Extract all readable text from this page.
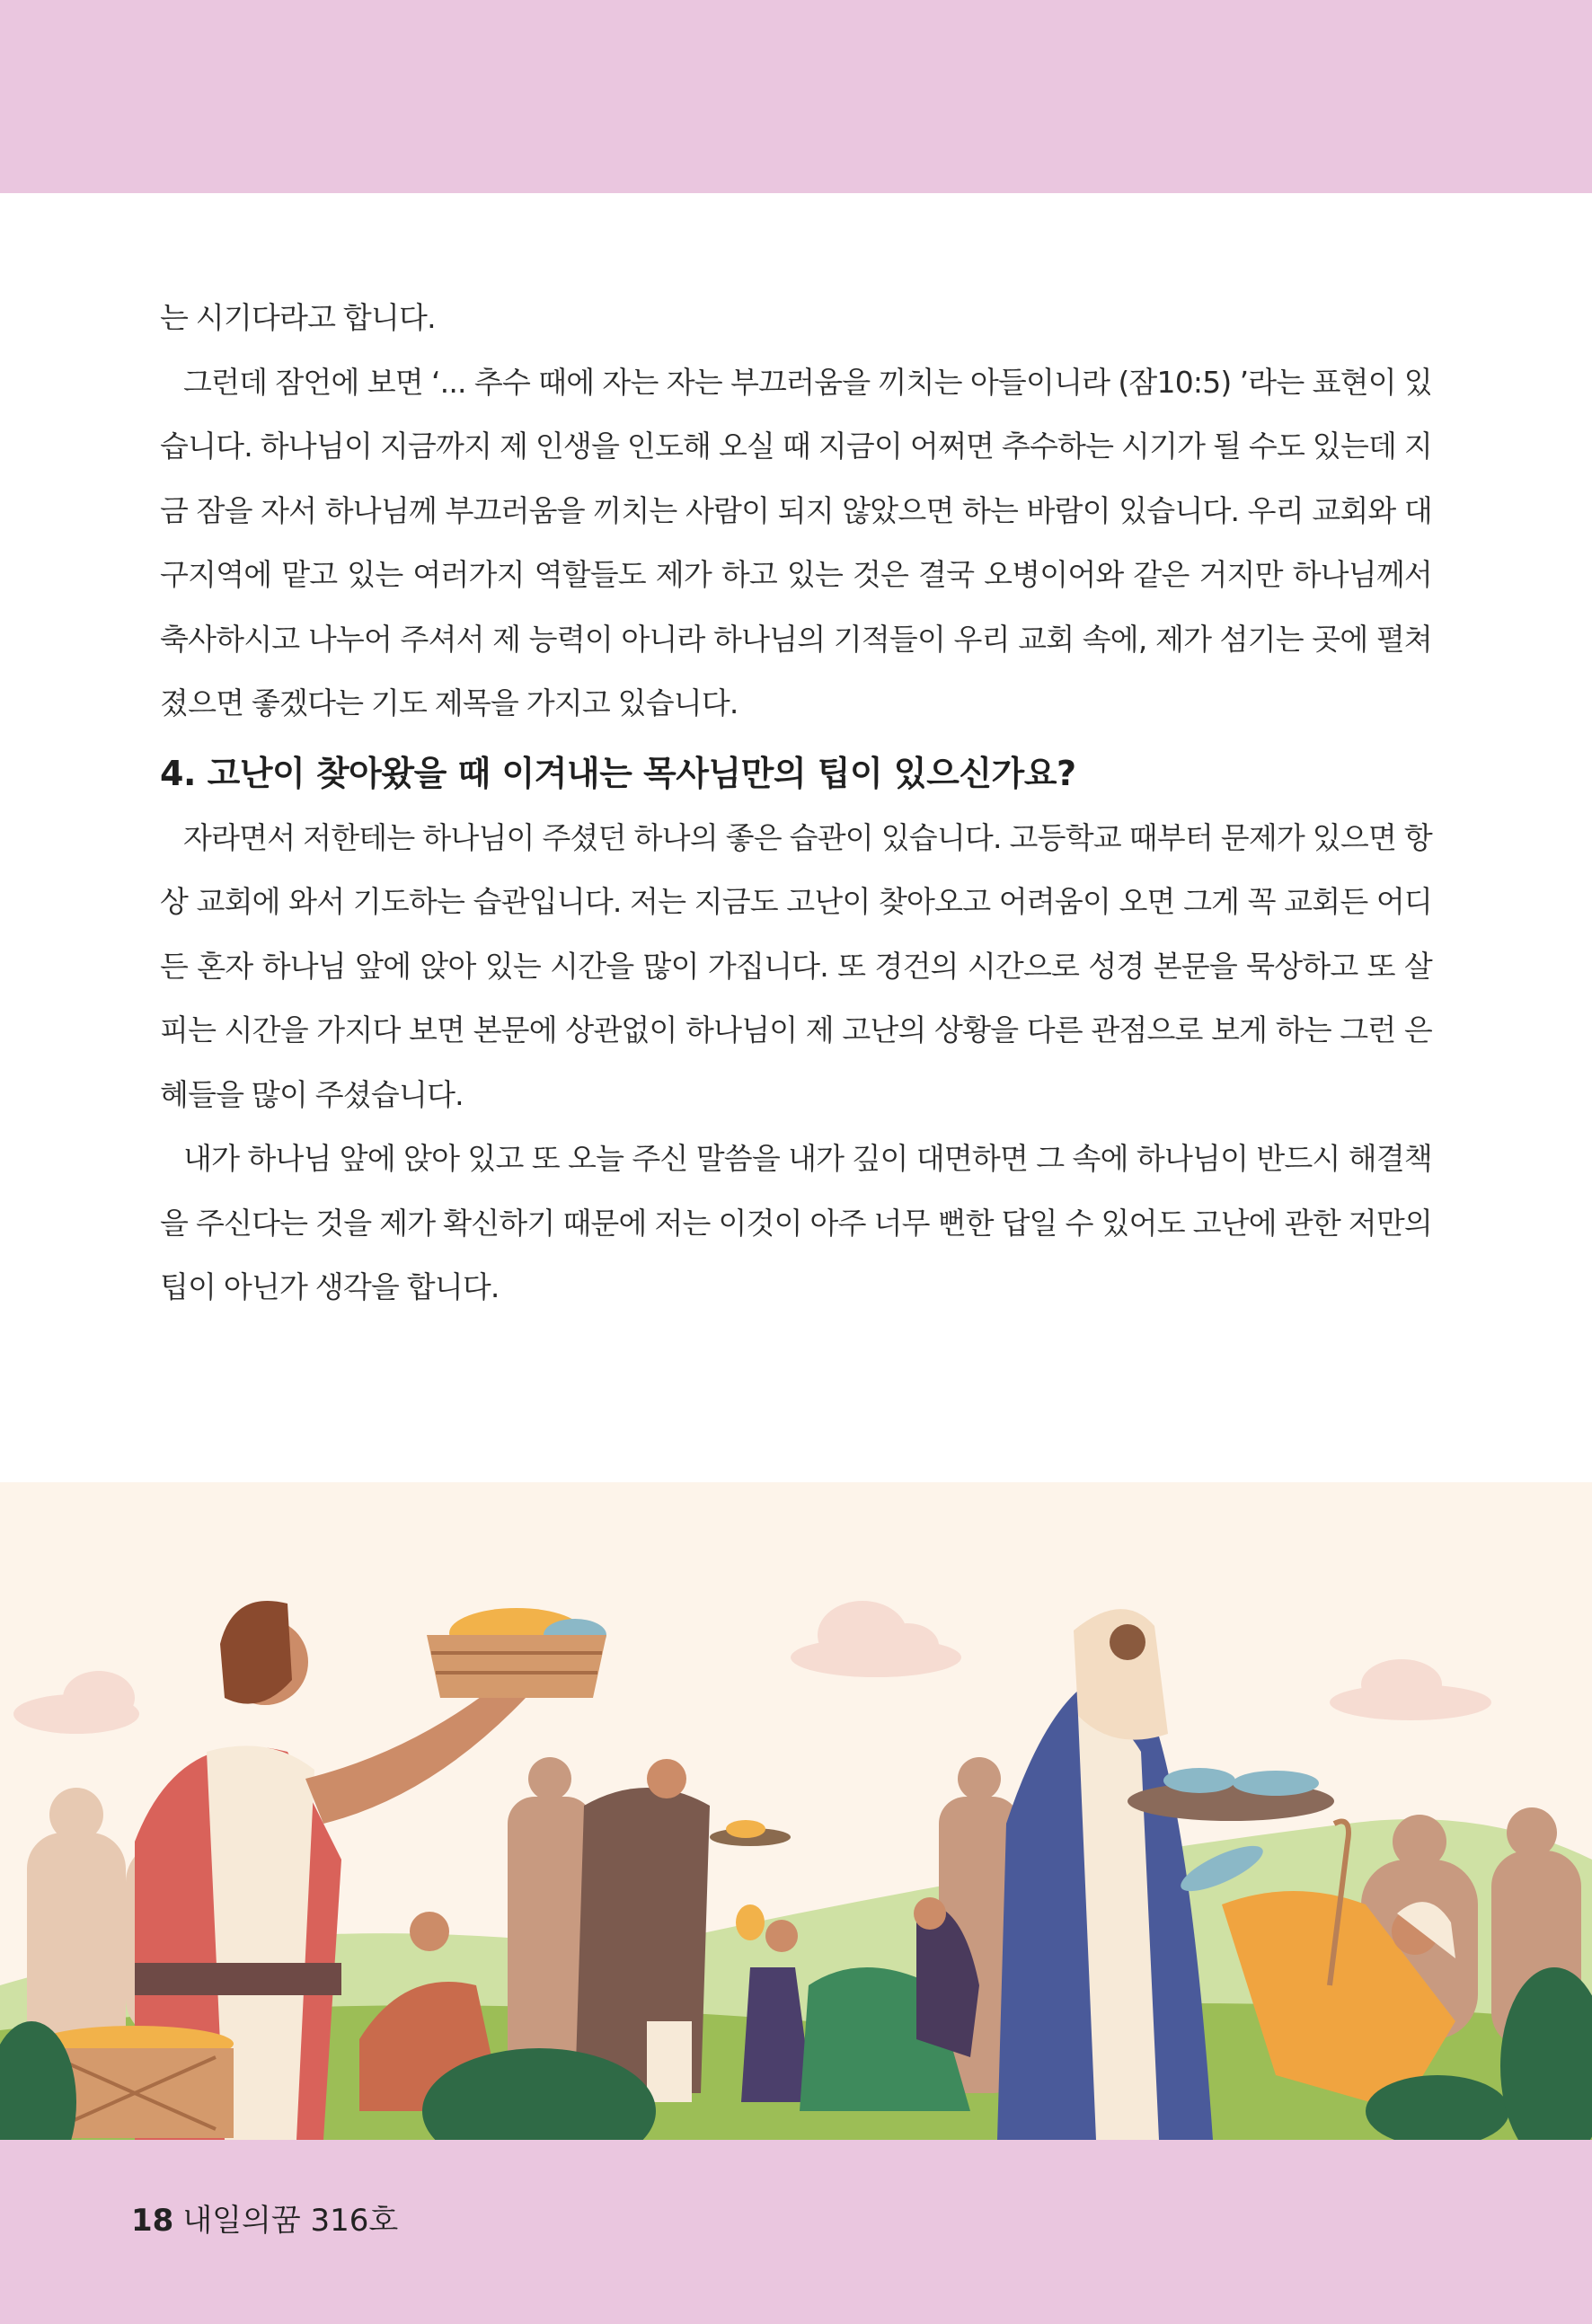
는 시기다라고 합니다.

그런데 잠언에 보면 ‘... 추수 때에 자는 자는 부끄러움을 끼치는 아들이니라 (잠10:5) ’라는 표현이 있습니다. 하나님이 지금까지 제 인생을 인도해 오실 때 지금이 어쩌면 추수하는 시기가 될 수도 있는데 지금 잠을 자서 하나님께 부끄러움을 끼치는 사람이 되지 않았으면 하는 바람이 있습니다. 우리 교회와 대구지역에 맡고 있는 여러가지 역할들도 제가 하고 있는 것은 결국 오병이어와 같은 거지만 하나님께서 축사하시고 나누어 주셔서 제 능력이 아니라 하나님의 기적들이 우리 교회 속에, 제가 섬기는 곳에 펼쳐졌으면 좋겠다는 기도 제목을 가지고 있습니다.

4. 고난이 찾아왔을 때 이겨내는 목사님만의 팁이 있으신가요?

자라면서 저한테는 하나님이 주셨던 하나의 좋은 습관이 있습니다. 고등학교 때부터 문제가 있으면 항상 교회에 와서 기도하는 습관입니다. 저는 지금도 고난이 찾아오고 어려움이 오면 그게 꼭 교회든 어디든 혼자 하나님 앞에 앉아 있는 시간을 많이 가집니다. 또 경건의 시간으로 성경 본문을 묵상하고 또 살피는 시간을 가지다 보면 본문에 상관없이 하나님이 제 고난의 상황을 다른 관점으로 보게 하는 그런 은혜들을 많이 주셨습니다.

내가 하나님 앞에 앉아 있고 또 오늘 주신 말씀을 내가 깊이 대면하면 그 속에 하나님이 반드시 해결책을 주신다는 것을 제가 확신하기 때문에 저는 이것이 아주 너무 뻔한 답일 수 있어도 고난에 관한 저만의 팁이 아닌가 생각을 합니다.

18 내일의꿈 316호
